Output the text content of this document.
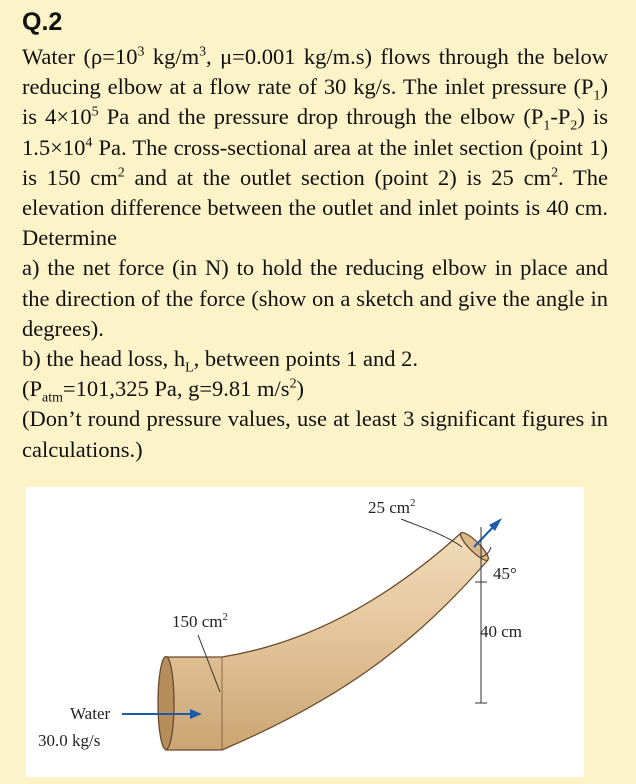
Q.2

Water ($\rho=10^3$ $kg/m^3$, μ=0.001 kg/m.s) flows through the below reducing elbow at a flow rate of 30 kg/s. The inlet pressure $(P_1)$ is $4\times 10^5$ Pa and the pressure drop through the elbow $(P_1-P_2)$ is $1.5\times 10^4$ Pa. The cross-sectional area at the inlet section (point 1) is 150 $cm^2$ and at the outlet section (point 2) is 25 $cm^2$. The elevation difference between the outlet and inlet points is 40 cm. Determine

a) the net force (in N) to hold the reducing elbow in place and the direction of the force (show on a sketch and give the angle in degrees).

b) the head loss, $h_L$, between points 1 and 2.

($P_{atm}=101,325$ Pa, g=9.81 $m/s^2$)

(Don’t round pressure values, use at least 3 significant figures in calculations.)

25 $cm^2$
45°
150 $cm^2$
40 cm
Water
30.0 kg/s
